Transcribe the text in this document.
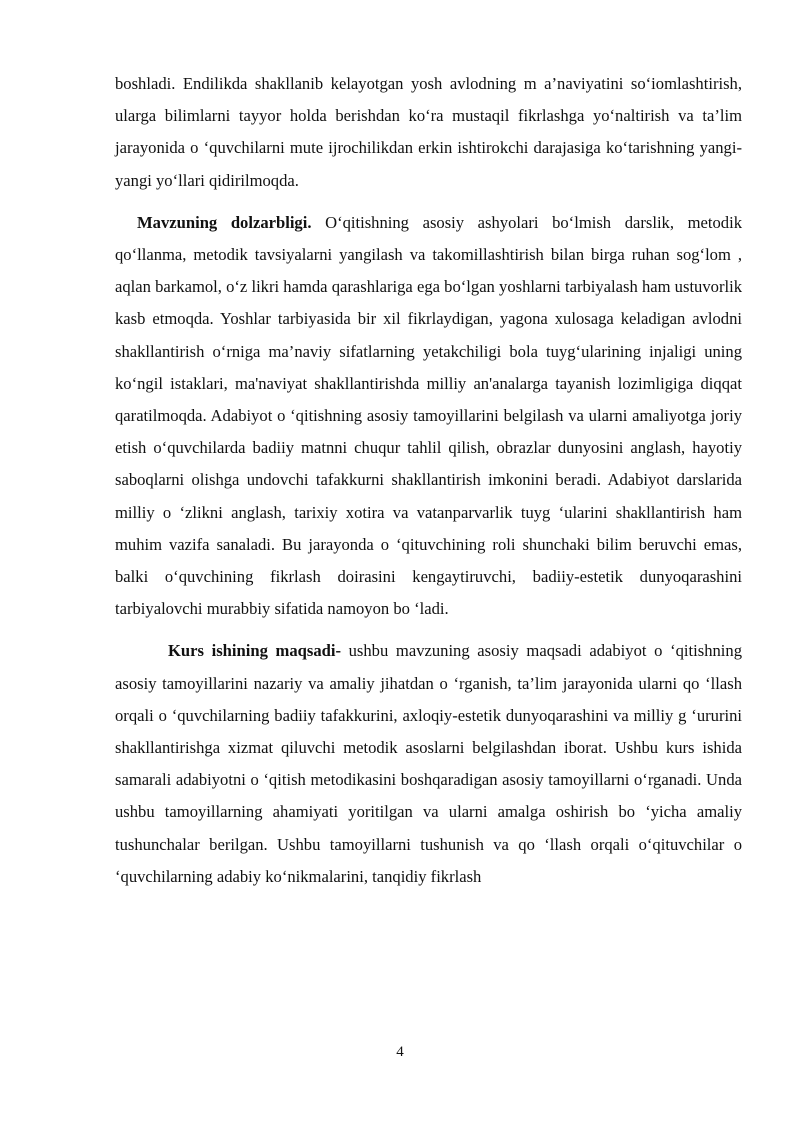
boshladi. Endilikda shakllanib kelayotgan yosh avlodning m a’naviyatini so‘iomlashtirish, ularga bilimlarni tayyor holda berishdan ko‘ra mustaqil fikrlashga yo‘naltirish va ta’lim jarayonida o ‘quvchilarni mute ijrochilikdan erkin ishtirokchi darajasiga ko‘tarishning yangi-yangi yo‘llari qidirilmoqda.

Mavzuning dolzarbligi. O‘qitishning asosiy ashyolari bo‘lmish darslik, metodik qo‘llanma, metodik tavsiyalarni yangilash va takomillashtirish bilan birga ruhan sog‘lom , aqlan barkamol, o‘z likri hamda qarashlariga ega bo‘lgan yoshlarni tarbiyalash ham ustuvorlik kasb etmoqda. Yoshlar tarbiyasida bir xil fikrlaydigan, yagona xulosaga keladigan avlodni shakllantirish o‘rniga ma’naviy sifatlarning yetakchiligi bola tuyg‘ularining injaligi uning ko‘ngil istaklari, ma'naviyat shakllantirishda milliy an'analarga tayanish lozimligiga diqqat qaratilmoqda. Adabiyot o ‘qitishning asosiy tamoyillarini belgilash va ularni amaliyotga joriy etish o‘quvchilarda badiiy matnni chuqur tahlil qilish, obrazlar dunyosini anglash, hayotiy saboqlarni olishga undovchi tafakkurni shakllantirish imkonini beradi. Adabiyot darslarida milliy o ‘zlikni anglash, tarixiy xotira va vatanparvarlik tuyg ‘ularini shakllantirish ham muhim vazifa sanaladi. Bu jarayonda o ‘qituvchining roli shunchaki bilim beruvchi emas, balki o‘quvchining fikrlash doirasini kengaytiruvchi, badiiy-estetik dunyoqarashini tarbiyalovchi murabbiy sifatida namoyon bo ‘ladi.

Kurs ishining maqsadi- ushbu mavzuning asosiy maqsadi adabiyot o ‘qitishning asosiy tamoyillarini nazariy va amaliy jihatdan o ‘rganish, ta’lim jarayonida ularni qo ‘llash orqali o ‘quvchilarning badiiy tafakkurini, axloqiy-estetik dunyoqarashini va milliy g ‘ururini shakllantirishga xizmat qiluvchi metodik asoslarni belgilashdan iborat. Ushbu kurs ishida samarali adabiyotni o ‘qitish metodikasini boshqaradigan asosiy tamoyillarni o‘rganadi. Unda ushbu tamoyillarning ahamiyati yoritilgan va ularni amalga oshirish bo ‘yicha amaliy tushunchalar berilgan. Ushbu tamoyillarni tushunish va qo ‘llash orqali o‘qituvchilar o ‘quvchilarning adabiy ko‘nikmalarini, tanqidiy fikrlash

4
